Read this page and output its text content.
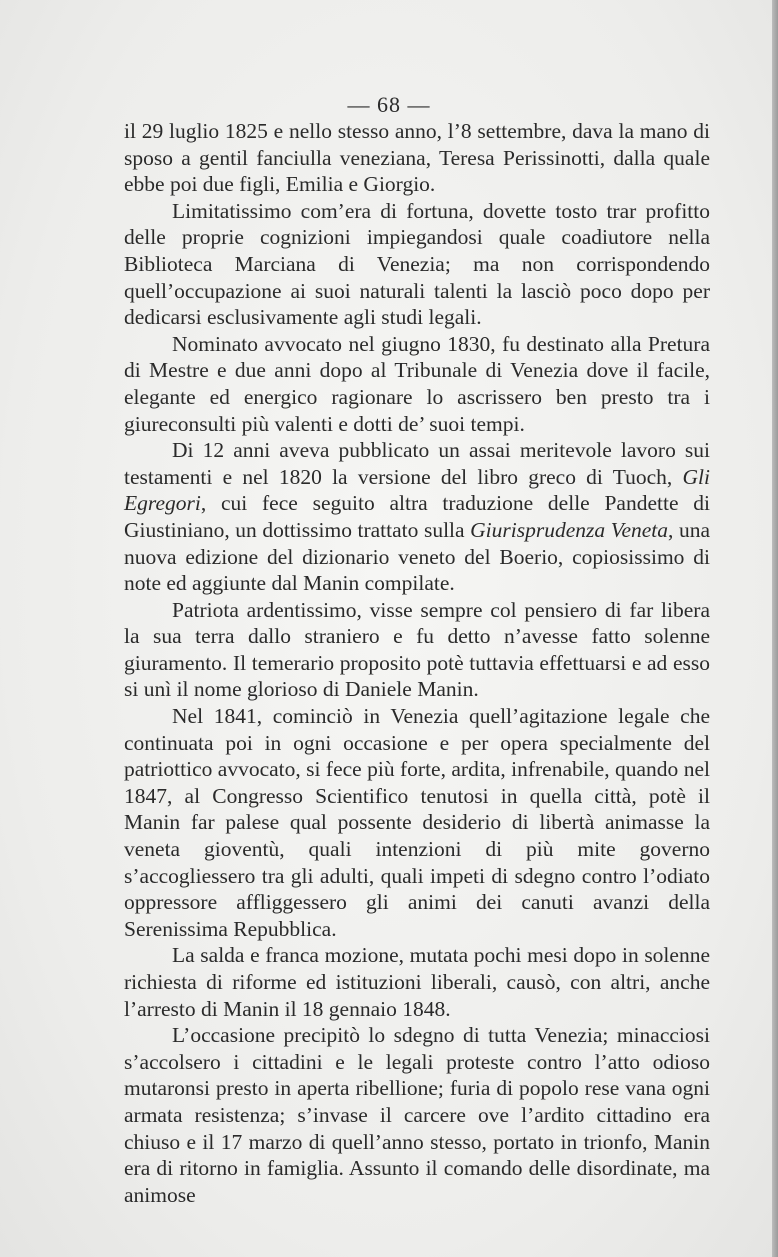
— 68 —

il 29 luglio 1825 e nello stesso anno, l’8 settembre, dava la mano di sposo a gentil fanciulla veneziana, Teresa Perissinotti, dalla quale ebbe poi due figli, Emilia e Giorgio.

Limitatissimo com’era di fortuna, dovette tosto trar profitto delle proprie cognizioni impiegandosi quale coadiutore nella Biblioteca Marciana di Venezia; ma non corrispondendo quell’occupazione ai suoi naturali talenti la lasciò poco dopo per dedicarsi esclusivamente agli studi legali.

Nominato avvocato nel giugno 1830, fu destinato alla Pretura di Mestre e due anni dopo al Tribunale di Venezia dove il facile, elegante ed energico ragionare lo ascrissero ben presto tra i giureconsulti più valenti e dotti de’ suoi tempi.

Di 12 anni aveva pubblicato un assai meritevole lavoro sui testamenti e nel 1820 la versione del libro greco di Tuoch, Gli Egregori, cui fece seguito altra traduzione delle Pandette di Giustiniano, un dottissimo trattato sulla Giurisprudenza Veneta, una nuova edizione del dizionario veneto del Boerio, copiosissimo di note ed aggiunte dal Manin compilate.

Patriota ardentissimo, visse sempre col pensiero di far libera la sua terra dallo straniero e fu detto n’avesse fatto solenne giuramento. Il temerario proposito potè tuttavia effettuarsi e ad esso si unì il nome glorioso di Daniele Manin.

Nel 1841, cominciò in Venezia quell’agitazione legale che continuata poi in ogni occasione e per opera specialmente del patriottico avvocato, si fece più forte, ardita, infrenabile, quando nel 1847, al Congresso Scientifico tenutosi in quella città, potè il Manin far palese qual possente desiderio di libertà animasse la veneta gioventù, quali intenzioni di più mite governo s’accogliessero tra gli adulti, quali impeti di sdegno contro l’odiato oppressore affliggessero gli animi dei canuti avanzi della Serenissima Repubblica.

La salda e franca mozione, mutata pochi mesi dopo in solenne richiesta di riforme ed istituzioni liberali, causò, con altri, anche l’arresto di Manin il 18 gennaio 1848.

L’occasione precipitò lo sdegno di tutta Venezia; minacciosi s’accolsero i cittadini e le legali proteste contro l’atto odioso mutaronsi presto in aperta ribellione; furia di popolo rese vana ogni armata resistenza; s’invase il carcere ove l’ardito cittadino era chiuso e il 17 marzo di quell’anno stesso, portato in trionfo, Manin era di ritorno in famiglia. Assunto il comando delle disordinate, ma animose
